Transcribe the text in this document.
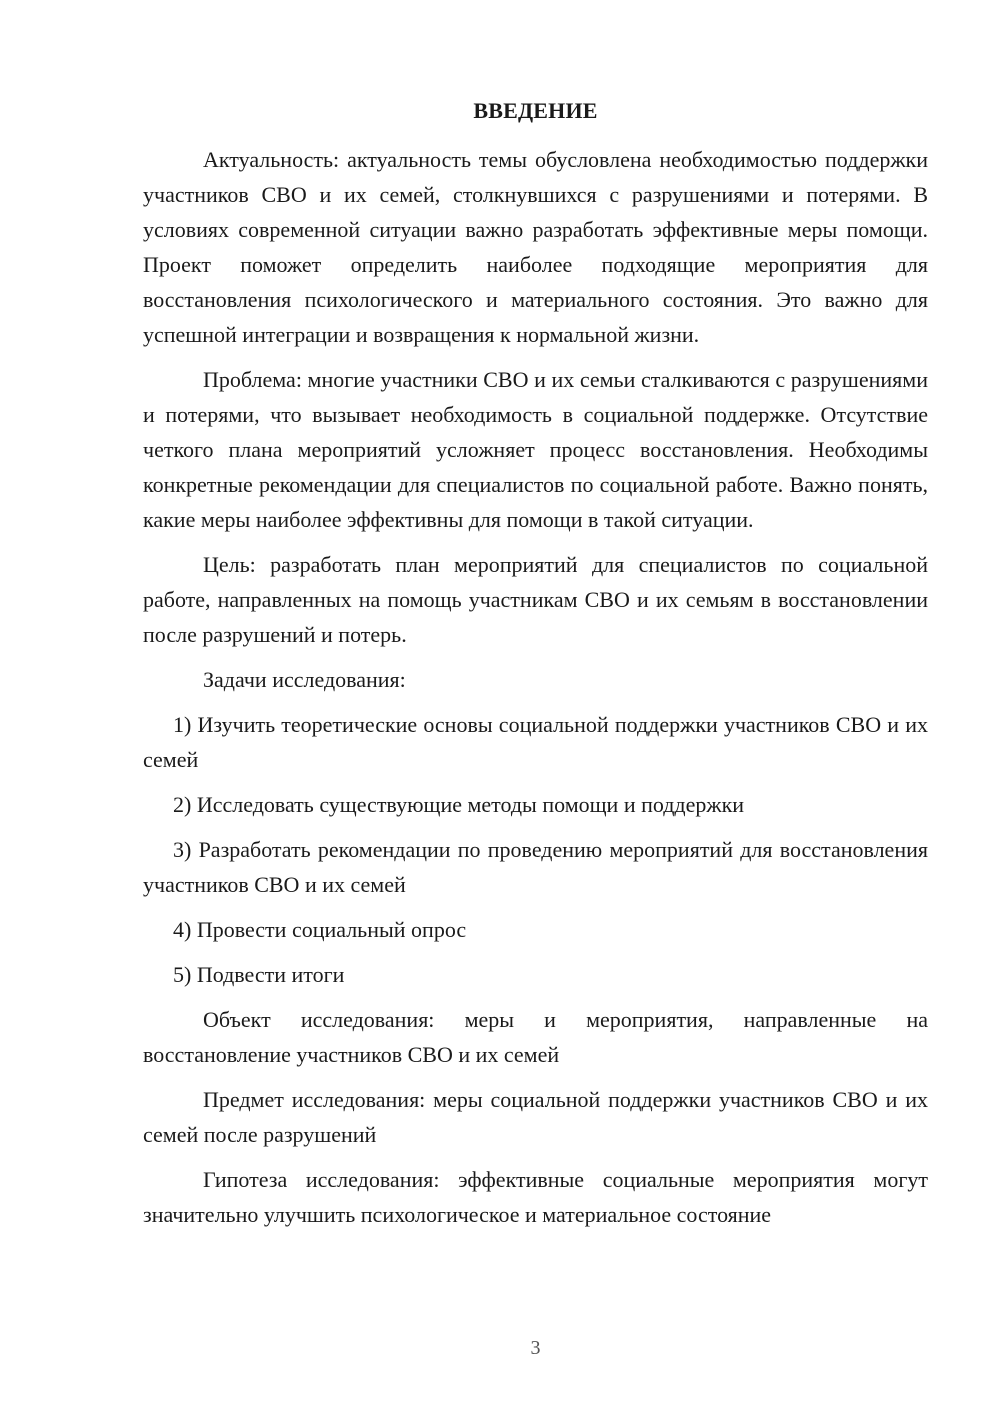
ВВЕДЕНИЕ

Актуальность: актуальность темы обусловлена необходимостью поддержки участников СВО и их семей, столкнувшихся с разрушениями и потерями. В условиях современной ситуации важно разработать эффективные меры помощи. Проект поможет определить наиболее подходящие мероприятия для восстановления психологического и материального состояния. Это важно для успешной интеграции и возвращения к нормальной жизни.

Проблема: многие участники СВО и их семьи сталкиваются с разрушениями и потерями, что вызывает необходимость в социальной поддержке. Отсутствие четкого плана мероприятий усложняет процесс восстановления. Необходимы конкретные рекомендации для специалистов по социальной работе. Важно понять, какие меры наиболее эффективны для помощи в такой ситуации.

Цель: разработать план мероприятий для специалистов по социальной работе, направленных на помощь участникам СВО и их семьям в восстановлении после разрушений и потерь.

Задачи исследования:

1) Изучить теоретические основы социальной поддержки участников СВО и их семей

2) Исследовать существующие методы помощи и поддержки

3) Разработать рекомендации по проведению мероприятий для восстановления участников СВО и их семей

4) Провести социальный опрос

5) Подвести итоги

Объект исследования: меры и мероприятия, направленные на восстановление участников СВО и их семей

Предмет исследования: меры социальной поддержки участников СВО и их семей после разрушений

Гипотеза исследования: эффективные социальные мероприятия могут значительно улучшить психологическое и материальное состояние

3
